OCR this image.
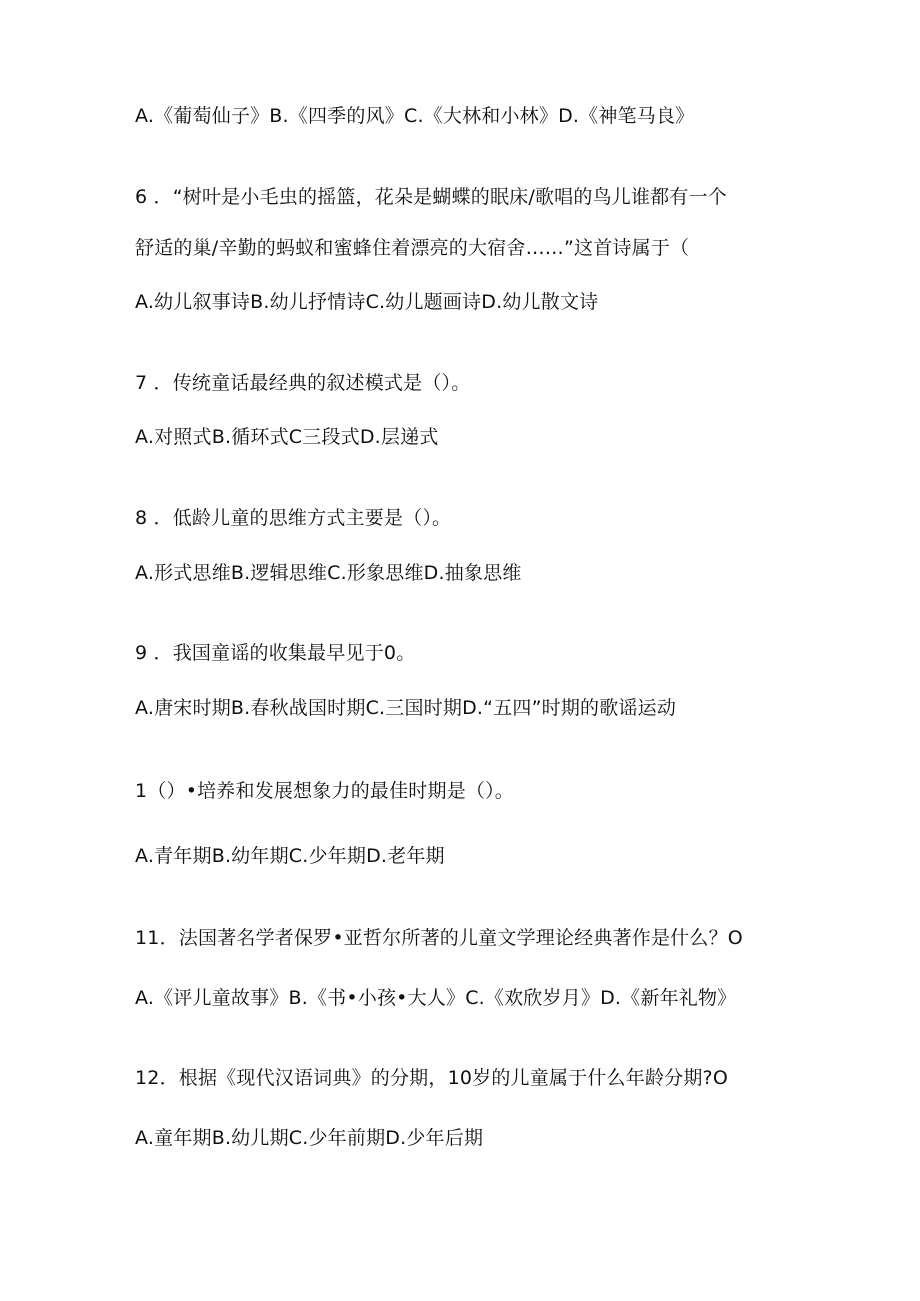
A.《葡萄仙子》B.《四季的风》C.《大林和小林》D.《神笔马良》
6 ．“树叶是小毛虫的摇篮，花朵是蝴蝶的眠床/歌唱的鸟儿谁都有一个
舒适的巢/辛勤的蚂蚁和蜜蜂住着漂亮的大宿舍……”这首诗属于（
A.幼儿叙事诗B.幼儿抒情诗C.幼儿题画诗D.幼儿散文诗
7 ．传统童话最经典的叙述模式是（）。
A.对照式B.循环式C三段式D.层递式
8 ．低龄儿童的思维方式主要是（）。
A.形式思维B.逻辑思维C.形象思维D.抽象思维
9 ．我国童谣的收集最早见于0。
A.唐宋时期B.春秋战国时期C.三国时期D.“五四”时期的歌谣运动
1（）•培养和发展想象力的最佳时期是（）。
A.青年期B.幼年期C.少年期D.老年期
11．法国著名学者保罗•亚哲尔所著的儿童文学理论经典著作是什么？O
A.《评儿童故事》B.《书•小孩•大人》C.《欢欣岁月》D.《新年礼物》
12．根据《现代汉语词典》的分期，10岁的儿童属于什么年龄分期?O
A.童年期B.幼儿期C.少年前期D.少年后期
